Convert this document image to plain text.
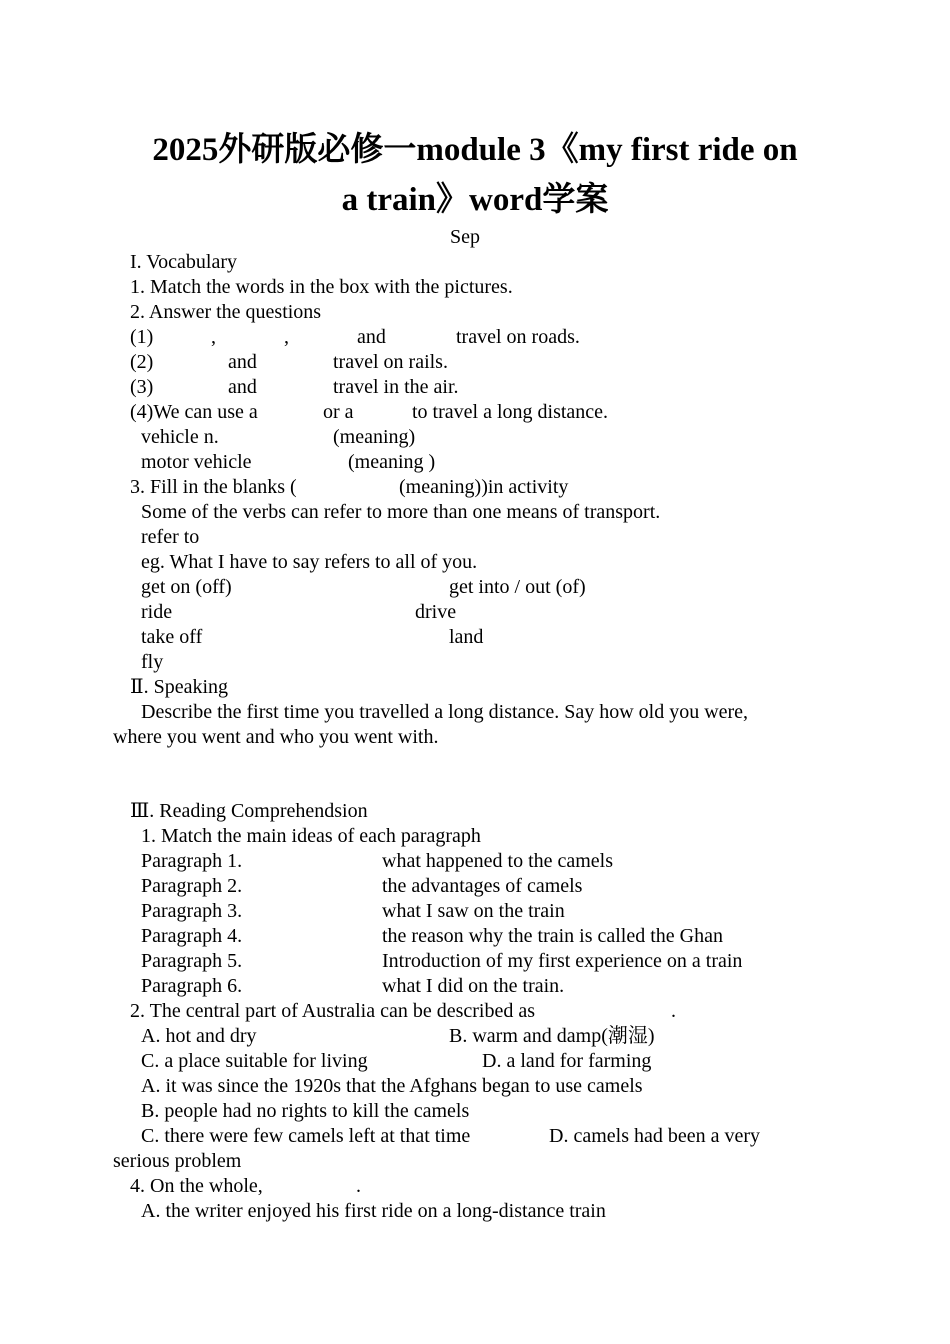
2025外研版必修一module 3《my first ride on
a train》word学案
Sep
I. Vocabulary
1. Match the words in the box with the pictures.
2. Answer the questions
(1)	,	,	and	travel on roads.
(2)	and	travel on rails.
(3)	and	travel in the air.
(4)We can use a	or a	to travel a long distance.
vehicle n.	(meaning)
motor vehicle	(meaning )
3. Fill in the blanks (	(meaning))in activity
Some of the verbs can refer to more than one means of transport.
refer to
eg. What I have to say refers to all of you.
get on (off)	get into / out (of)
ride	drive
take off	land
fly
Ⅱ. Speaking
Describe the first time you travelled a long distance. Say how old you were,
where you went and who you went with.
Ⅲ. Reading Comprehendsion
1. Match the main ideas of each paragraph
Paragraph 1.	what happened to the camels
Paragraph 2.	the advantages of camels
Paragraph 3.	what I saw on the train
Paragraph 4.	the reason why the train is called the Ghan
Paragraph 5.	Introduction of my first experience on a train
Paragraph 6.	what I did on the train.
2. The central part of Australia can be described as	.
A. hot and dry	B. warm and damp(潮湿)
C. a place suitable for living	D. a land for farming
A. it was since the 1920s that the Afghans began to use camels
B. people had no rights to kill the camels
C. there were few camels left at that time	D. camels had been a very
serious problem
4. On the whole,	.
A. the writer enjoyed his first ride on a long-distance train
